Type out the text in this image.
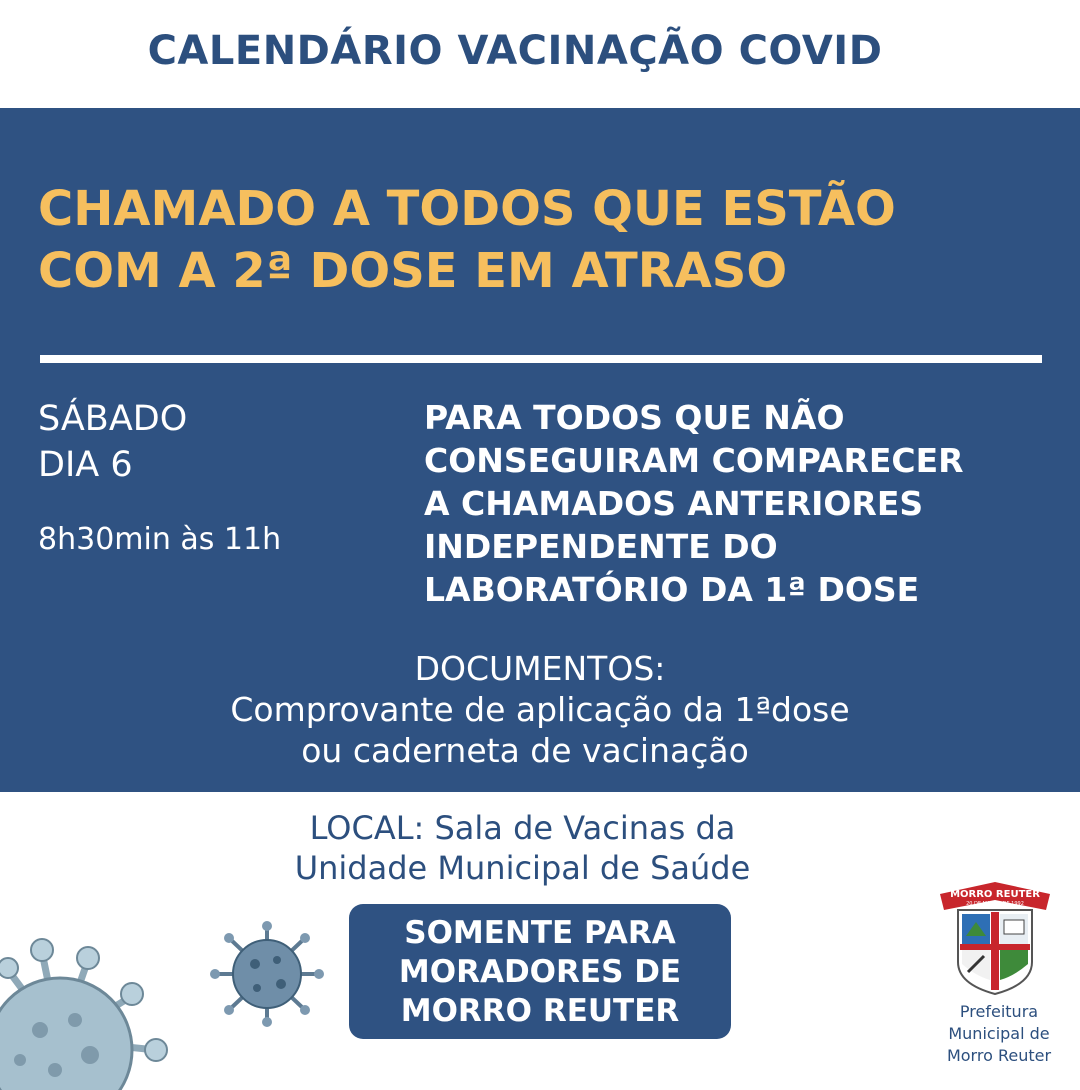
CALENDÁRIO VACINAÇÃO COVID
CHAMADO A TODOS QUE ESTÃO
COM A 2ª DOSE EM ATRASO
SÁBADO
DIA 6
8h30min às 11h
PARA TODOS QUE NÃO
CONSEGUIRAM COMPARECER
A CHAMADOS ANTERIORES
INDEPENDENTE DO
LABORATÓRIO DA 1ª DOSE
DOCUMENTOS:
Comprovante de aplicação da 1ªdose
ou caderneta de vacinação
LOCAL: Sala de Vacinas da
Unidade Municipal de Saúde
SOMENTE PARA
MORADORES DE
MORRO REUTER
MORRO REUTER
20 DE MARÇO DE 1992
Prefeitura
Municipal de
Morro Reuter
